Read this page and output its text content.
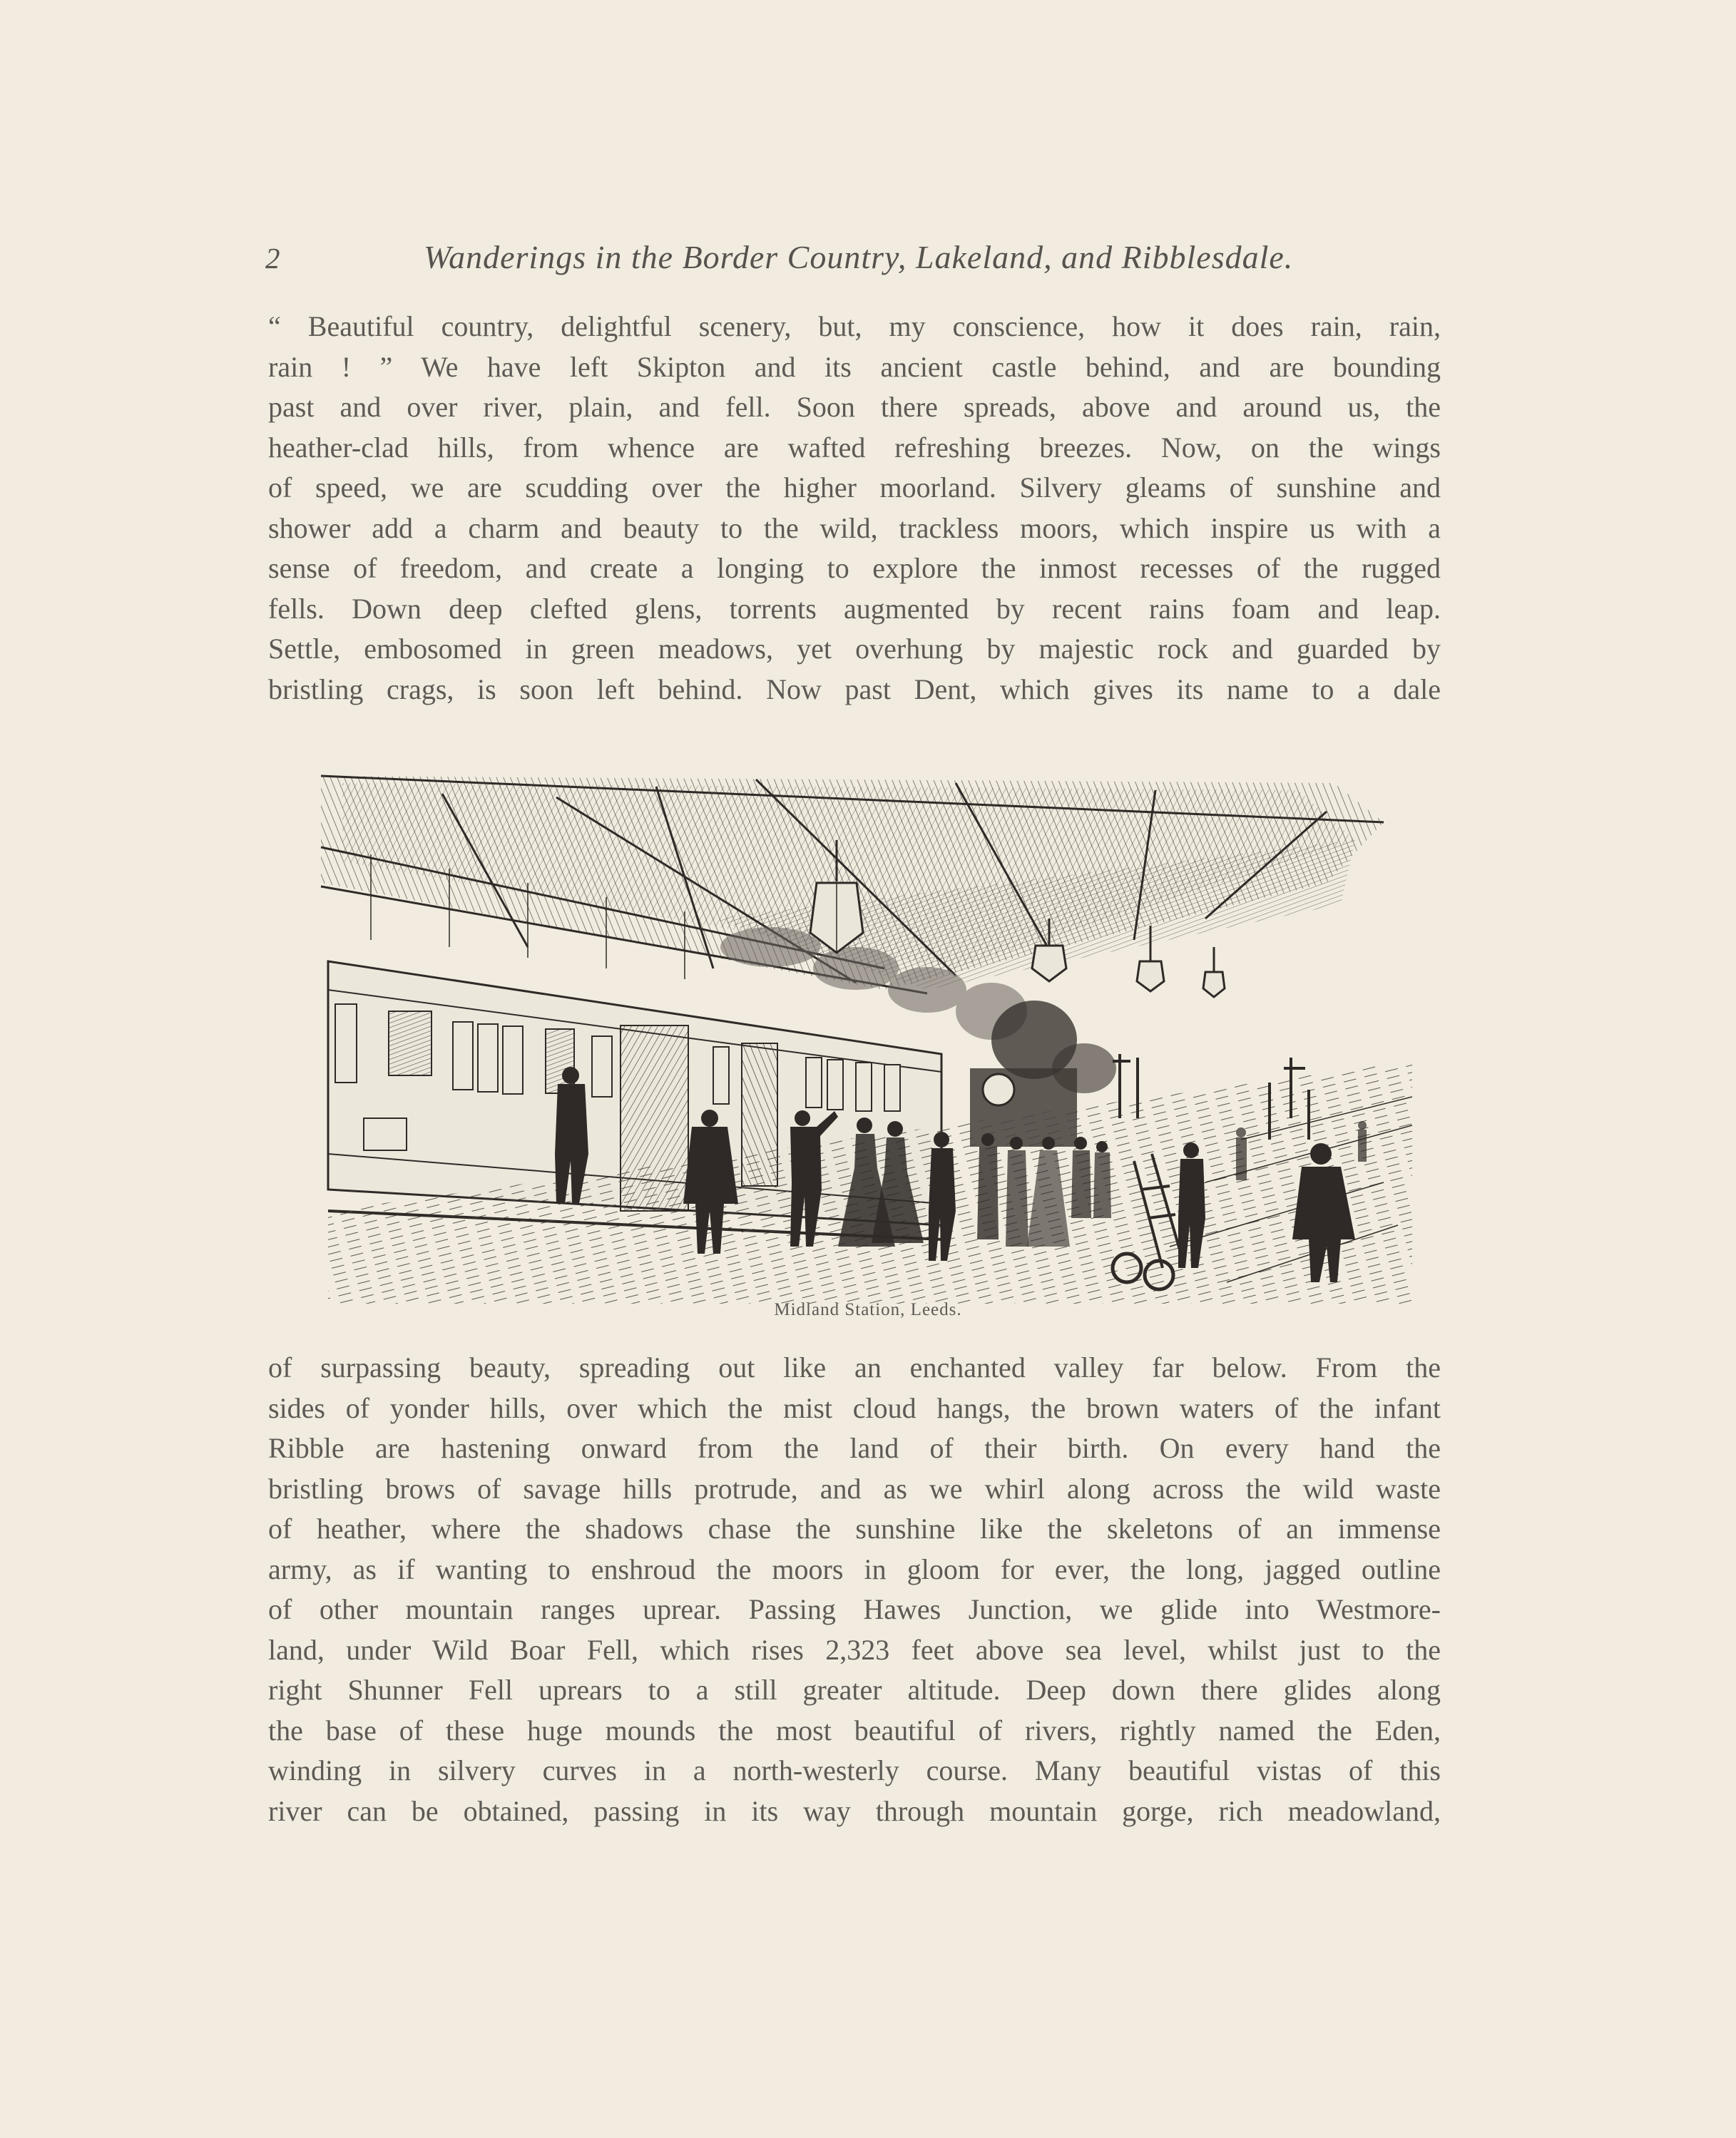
2	Wanderings in the Border Country, Lakeland, and Ribblesdale.
“ Beautiful country, delightful scenery, but, my conscience, how it does rain, rain,
rain ! ” We have left Skipton and its ancient castle behind, and are bounding
past and over river, plain, and fell. Soon there spreads, above and around us, the
heather-clad hills, from whence are wafted refreshing breezes. Now, on the wings
of speed, we are scudding over the higher moorland. Silvery gleams of sunshine and
shower add a charm and beauty to the wild, trackless moors, which inspire us with a
sense of freedom, and create a longing to explore the inmost recesses of the rugged
fells. Down deep clefted glens, torrents augmented by recent rains foam and leap.
Settle, embosomed in green meadows, yet overhung by majestic rock and guarded by
bristling crags, is soon left behind. Now past Dent, which gives its name to a dale
Midland Station, Leeds.
of surpassing beauty, spreading out like an enchanted valley far below. From the
sides of yonder hills, over which the mist cloud hangs, the brown waters of the infant
Ribble are hastening onward from the land of their birth. On every hand the
bristling brows of savage hills protrude, and as we whirl along across the wild waste
of heather, where the shadows chase the sunshine like the skeletons of an immense
army, as if wanting to enshroud the moors in gloom for ever, the long, jagged outline
of other mountain ranges uprear. Passing Hawes Junction, we glide into Westmore-
land, under Wild Boar Fell, which rises 2,323 feet above sea level, whilst just to the
right Shunner Fell uprears to a still greater altitude. Deep down there glides along
the base of these huge mounds the most beautiful of rivers, rightly named the Eden,
winding in silvery curves in a north-westerly course. Many beautiful vistas of this
river can be obtained, passing in its way through mountain gorge, rich meadowland,
